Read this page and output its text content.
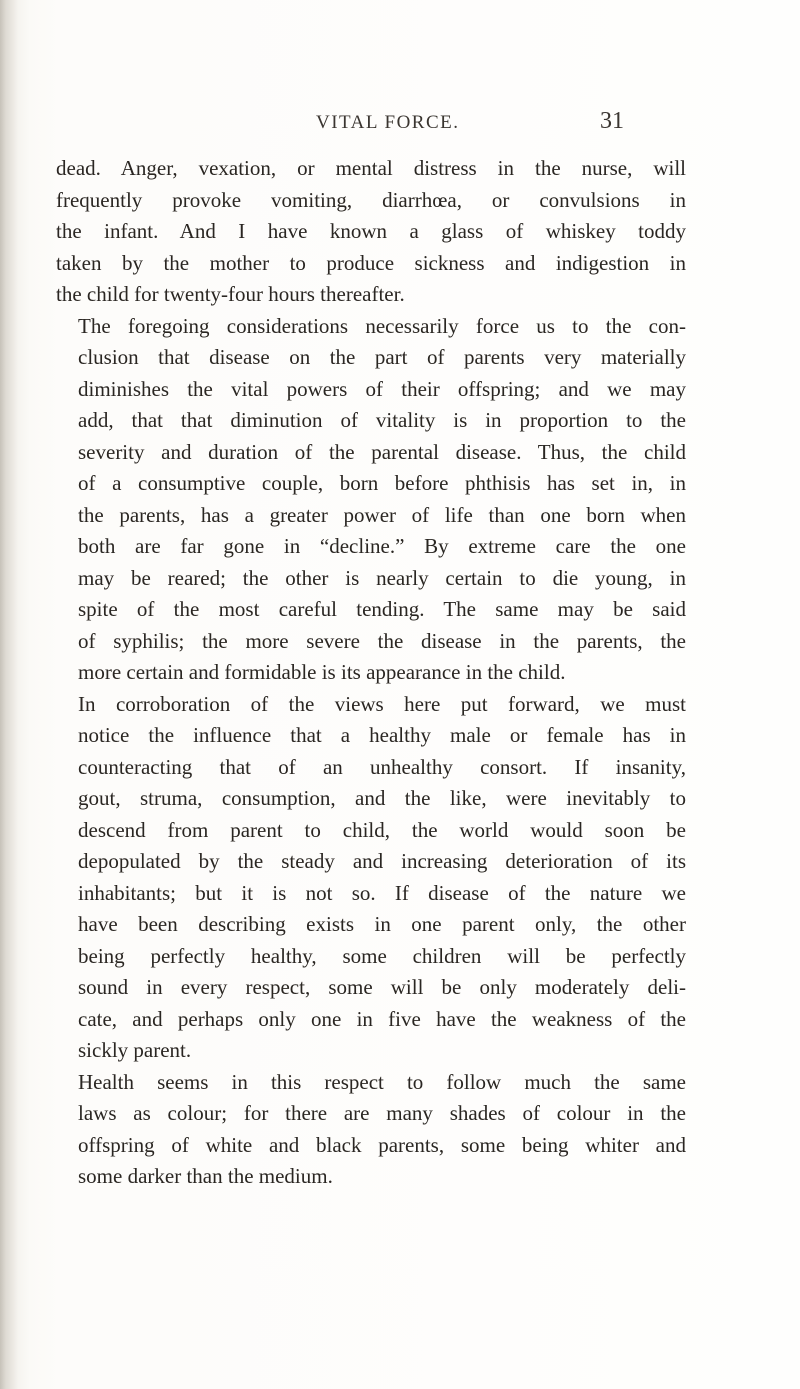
VITAL FORCE.	31

dead. Anger, vexation, or mental distress in the nurse, will
frequently provoke vomiting, diarrhœa, or convulsions in
the infant. And I have known a glass of whiskey toddy
taken by the mother to produce sickness and indigestion in
the child for twenty-four hours thereafter.

The foregoing considerations necessarily force us to the con-
clusion that disease on the part of parents very materially
diminishes the vital powers of their offspring; and we may
add, that that diminution of vitality is in proportion to the
severity and duration of the parental disease. Thus, the child
of a consumptive couple, born before phthisis has set in, in
the parents, has a greater power of life than one born when
both are far gone in “decline.” By extreme care the one
may be reared; the other is nearly certain to die young, in
spite of the most careful tending. The same may be said
of syphilis; the more severe the disease in the parents, the
more certain and formidable is its appearance in the child.

In corroboration of the views here put forward, we must
notice the influence that a healthy male or female has in
counteracting that of an unhealthy consort. If insanity,
gout, struma, consumption, and the like, were inevitably to
descend from parent to child, the world would soon be
depopulated by the steady and increasing deterioration of its
inhabitants; but it is not so. If disease of the nature we
have been describing exists in one parent only, the other
being perfectly healthy, some children will be perfectly
sound in every respect, some will be only moderately deli-
cate, and perhaps only one in five have the weakness of the
sickly parent.

Health seems in this respect to follow much the same
laws as colour; for there are many shades of colour in the
offspring of white and black parents, some being whiter and
some darker than the medium.
